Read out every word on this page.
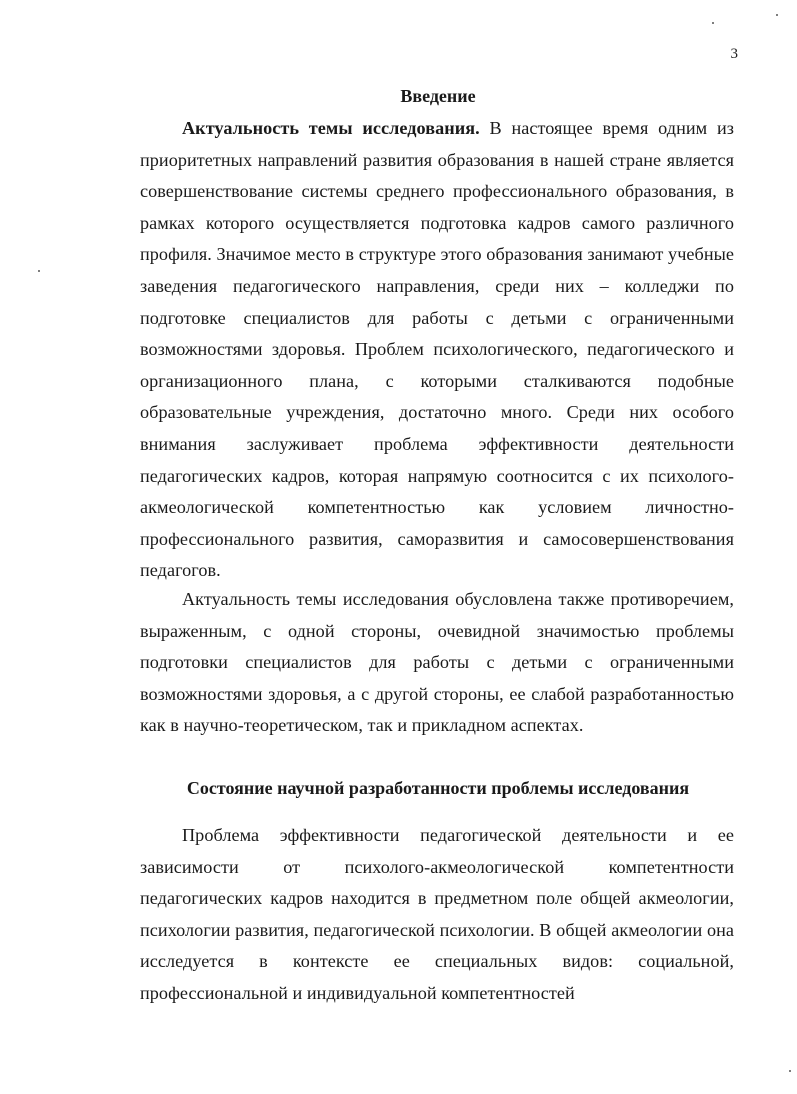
3
Введение

Актуальность темы исследования. В настоящее время одним из приоритетных направлений развития образования в нашей стране является совершенствование системы среднего профессионального образования, в рамках которого осуществляется подготовка кадров самого различного профиля. Значимое место в структуре этого образования занимают учебные заведения педагогического направления, среди них – колледжи по подготовке специалистов для работы с детьми с ограниченными возможностями здоровья. Проблем психологического, педагогического и организационного плана, с которыми сталкиваются подобные образовательные учреждения, достаточно много. Среди них особого внимания заслуживает проблема эффективности деятельности педагогических кадров, которая напрямую соотносится с их психолого-акмеологической компетентностью как условием личностно-профессионального развития, саморазвития и самосовершенствования педагогов.

Актуальность темы исследования обусловлена также противоречием, выраженным, с одной стороны, очевидной значимостью проблемы подготовки специалистов для работы с детьми с ограниченными возможностями здоровья, а с другой стороны, ее слабой разработанностью как в научно-теоретическом, так и прикладном аспектах.

Состояние научной разработанности проблемы исследования

Проблема эффективности педагогической деятельности и ее зависимости от психолого-акмеологической компетентности педагогических кадров находится в предметном поле общей акмеологии, психологии развития, педагогической психологии. В общей акмеологии она исследуется в контексте ее специальных видов: социальной, профессиональной и индивидуальной компетентностей
